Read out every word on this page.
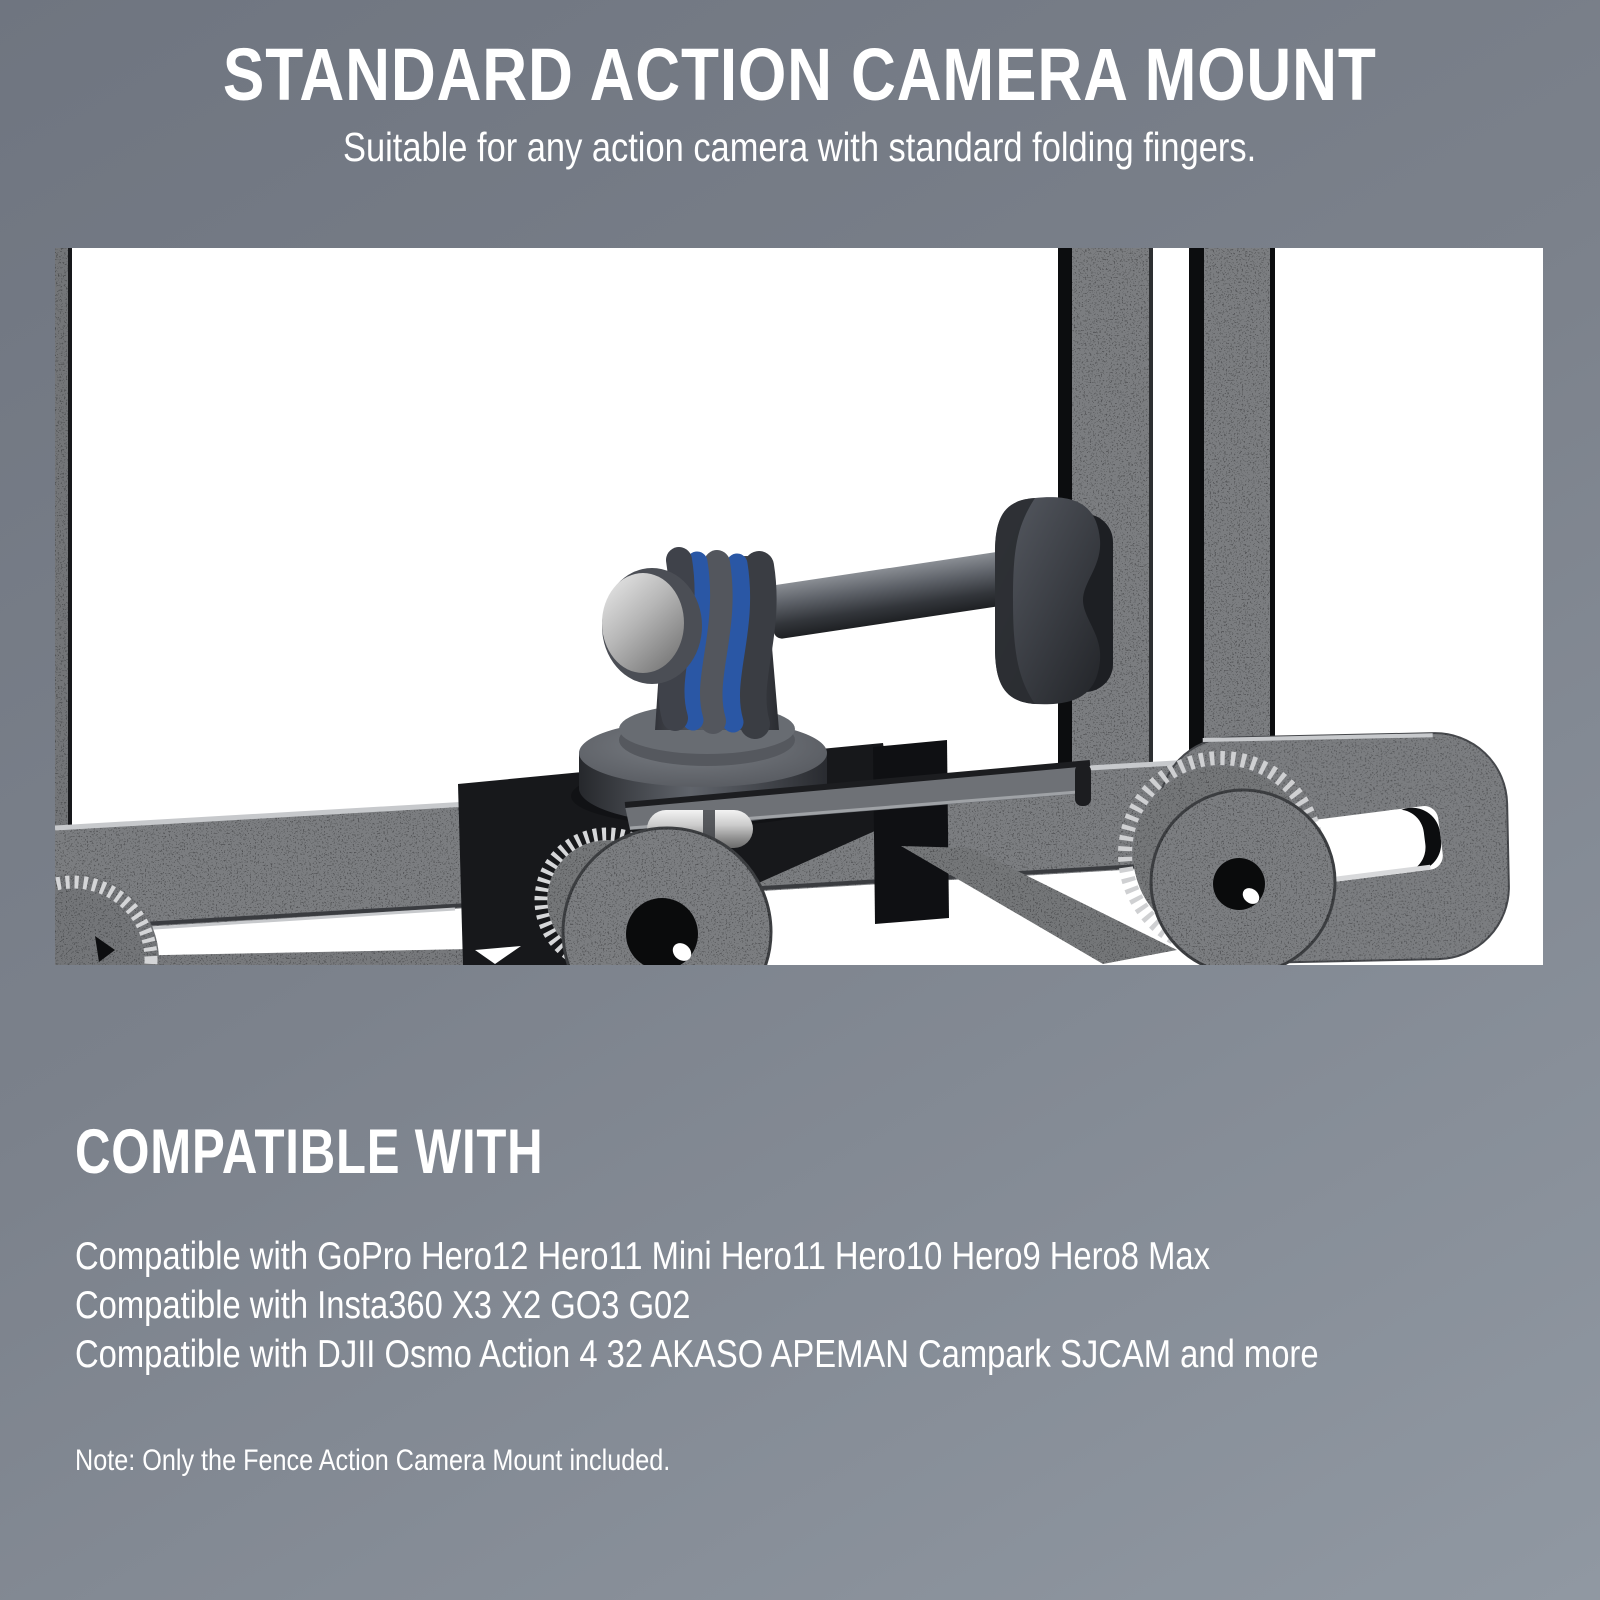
STANDARD ACTION CAMERA MOUNT
Suitable for any action camera with standard folding fingers.
COMPATIBLE WITH
Compatible with GoPro Hero12 Hero11 Mini Hero11 Hero10 Hero9 Hero8 Max Compatible with Insta360 X3 X2 GO3 G02 Compatible with DJII Osmo Action 4 32 AKASO APEMAN Campark SJCAM and more
Note: Only the Fence Action Camera Mount included.
